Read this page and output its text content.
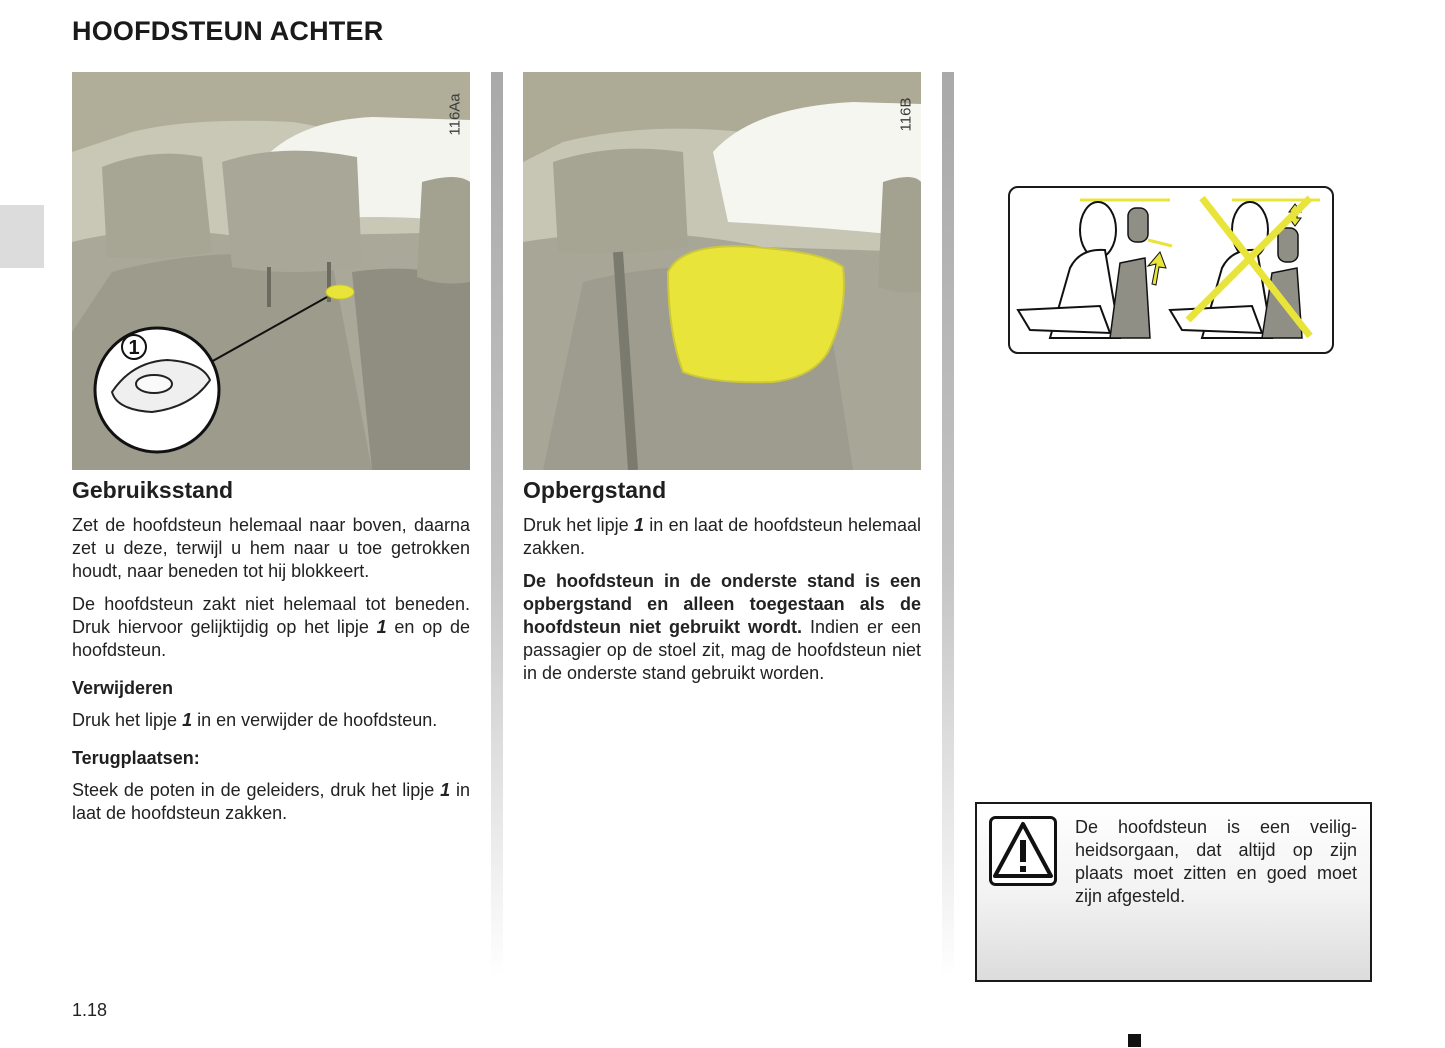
HOOFDSTEUN ACHTER
1
116Aa	116B
Gebruiksstand

Zet de hoofdsteun helemaal naar boven, daarna zet u deze, terwijl u hem naar u toe getrokken houdt, naar beneden tot hij blokkeert.

De hoofdsteun zakt niet helemaal tot beneden. Druk hiervoor gelijktijdig op het lipje 1 en op de hoofdsteun.

Verwijderen

Druk het lipje 1 in en verwijder de hoofdsteun.

Terugplaatsen:

Steek de poten in de geleiders, druk het lipje 1 in laat de hoofdsteun zakken.

Opbergstand

Druk het lipje 1 in en laat de hoofdsteun helemaal zakken.

De hoofdsteun in de onderste stand is een opbergstand en alleen toegestaan als de hoofdsteun niet gebruikt wordt. Indien er een passagier op de stoel zit, mag de hoofdsteun niet in de onderste stand gebruikt worden.

De hoofdsteun is een veiligheidsorgaan, dat altijd op zijn plaats moet zitten en goed moet zijn afgesteld.

1.18
